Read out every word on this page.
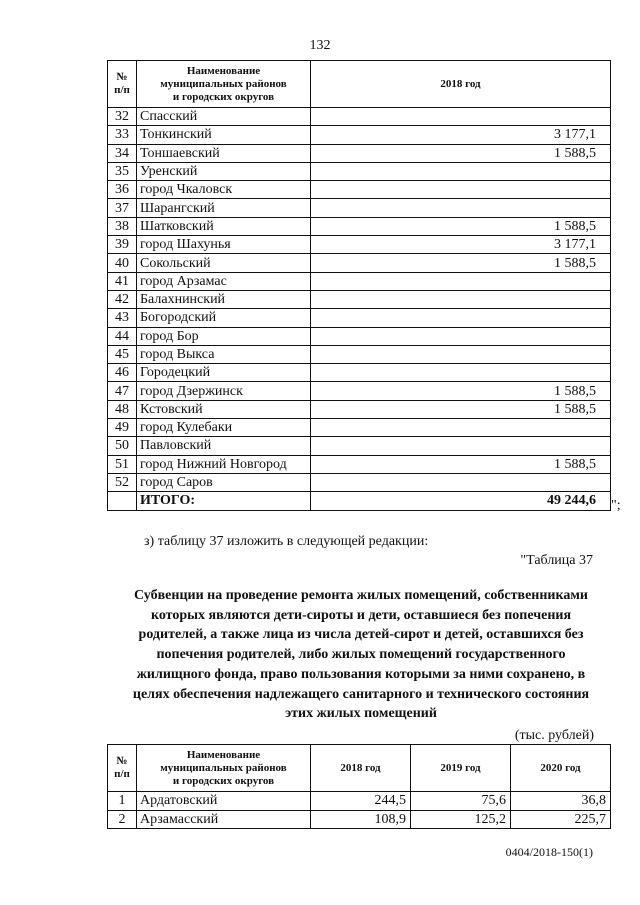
132
№
п/п	Наименование
муниципальных районов
и городских округов	2018 год
32	Спасский	
33	Тонкинский	3 177,1
34	Тоншаевский	1 588,5
35	Уренский	
36	город Чкаловск	
37	Шарангский	
38	Шатковский	1 588,5
39	город Шахунья	3 177,1
40	Сокольский	1 588,5
41	город Арзамас	
42	Балахнинский	
43	Богородский	
44	город Бор	
45	город Выкса	
46	Городецкий	
47	город Дзержинск	1 588,5
48	Кстовский	1 588,5
49	город Кулебаки	
50	Павловский	
51	город Нижний Новгород	1 588,5
52	город Саров	
	ИТОГО:	49 244,6 ";
з) таблицу 37 изложить в следующей редакции:
"Таблица 37
Субвенции на проведение ремонта жилых помещений, собственниками которых являются дети-сироты и дети, оставшиеся без попечения родителей, а также лица из числа детей-сирот и детей, оставшихся без попечения родителей, либо жилых помещений государственного жилищного фонда, право пользования которыми за ними сохранено, в целях обеспечения надлежащего санитарного и технического состояния этих жилых помещений
(тыс. рублей)
№
п/п	Наименование
муниципальных районов
и городских округов	2018 год	2019 год	2020 год
1	Ардатовский	244,5	75,6	36,8
2	Арзамасский	108,9	125,2	225,7
0404/2018-150(1)
